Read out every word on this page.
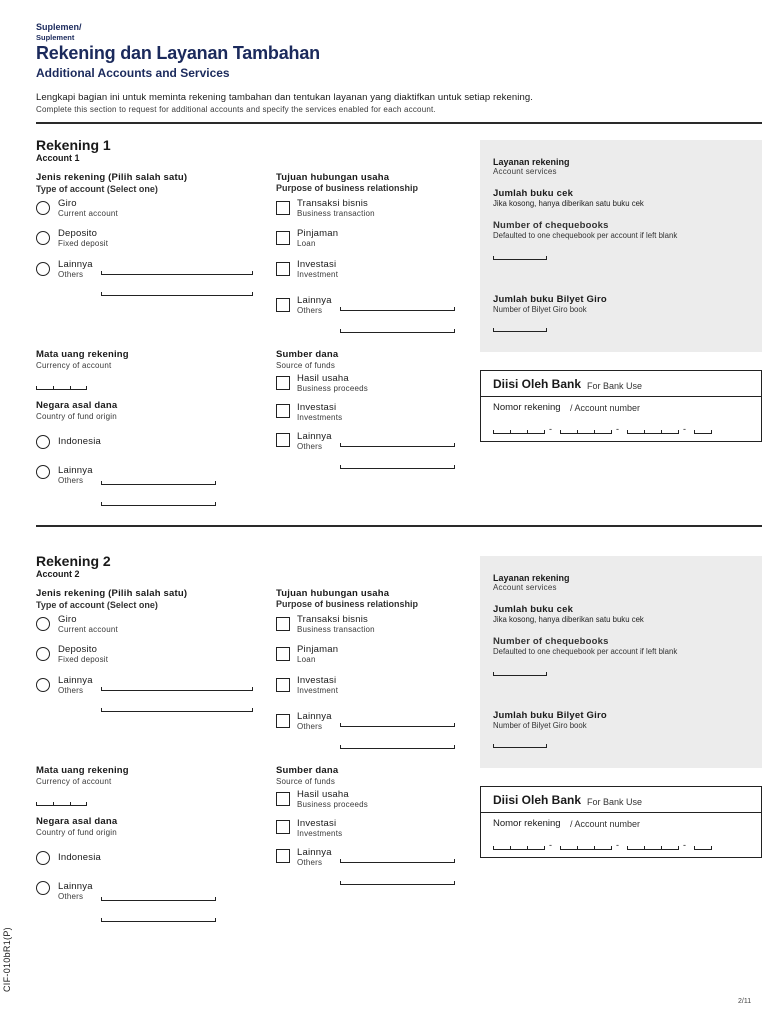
Suplemen/
Suplement
Rekening dan Layanan Tambahan
Additional Accounts and Services
Lengkapi bagian ini untuk meminta rekening tambahan dan tentukan layanan yang diaktifkan untuk setiap rekening.
Complete this section to request for additional accounts and specify the services enabled for each account.
Rekening 1
Account 1
Jenis rekening (Pilih salah satu)
Type of account (Select one)
Giro
Current account
Deposito
Fixed deposit
Lainnya
Others
Tujuan hubungan usaha
Purpose of business relationship
Transaksi bisnis
Business transaction
Pinjaman
Loan
Investasi
Investment
Lainnya
Others
Mata uang rekening
Currency of account
Negara asal dana
Country of fund origin
Indonesia
Lainnya
Others
Sumber dana
Source of funds
Hasil usaha
Business proceeds
Investasi
Investments
Lainnya
Others
Layanan rekening
Account services
Jumlah buku cek
Jika kosong, hanya diberikan satu buku cek
Number of chequebooks
Defaulted to one chequebook per account if left blank
Jumlah buku Bilyet Giro
Number of Bilyet Giro book
Diisi Oleh Bank For Bank Use
Nomor rekening / Account number
-	-	-
Rekening 2
Account 2
Jenis rekening (Pilih salah satu)
Type of account (Select one)
Giro
Current account
Deposito
Fixed deposit
Lainnya
Others
Tujuan hubungan usaha
Purpose of business relationship
Transaksi bisnis
Business transaction
Pinjaman
Loan
Investasi
Investment
Lainnya
Others
Mata uang rekening
Currency of account
Negara asal dana
Country of fund origin
Indonesia
Lainnya
Others
Sumber dana
Source of funds
Hasil usaha
Business proceeds
Investasi
Investments
Lainnya
Others
Layanan rekening
Account services
Jumlah buku cek
Jika kosong, hanya diberikan satu buku cek
Number of chequebooks
Defaulted to one chequebook per account if left blank
Jumlah buku Bilyet Giro
Number of Bilyet Giro book
Diisi Oleh Bank For Bank Use
Nomor rekening / Account number
-	-	-
CIF-010bR1(P)
2/11
